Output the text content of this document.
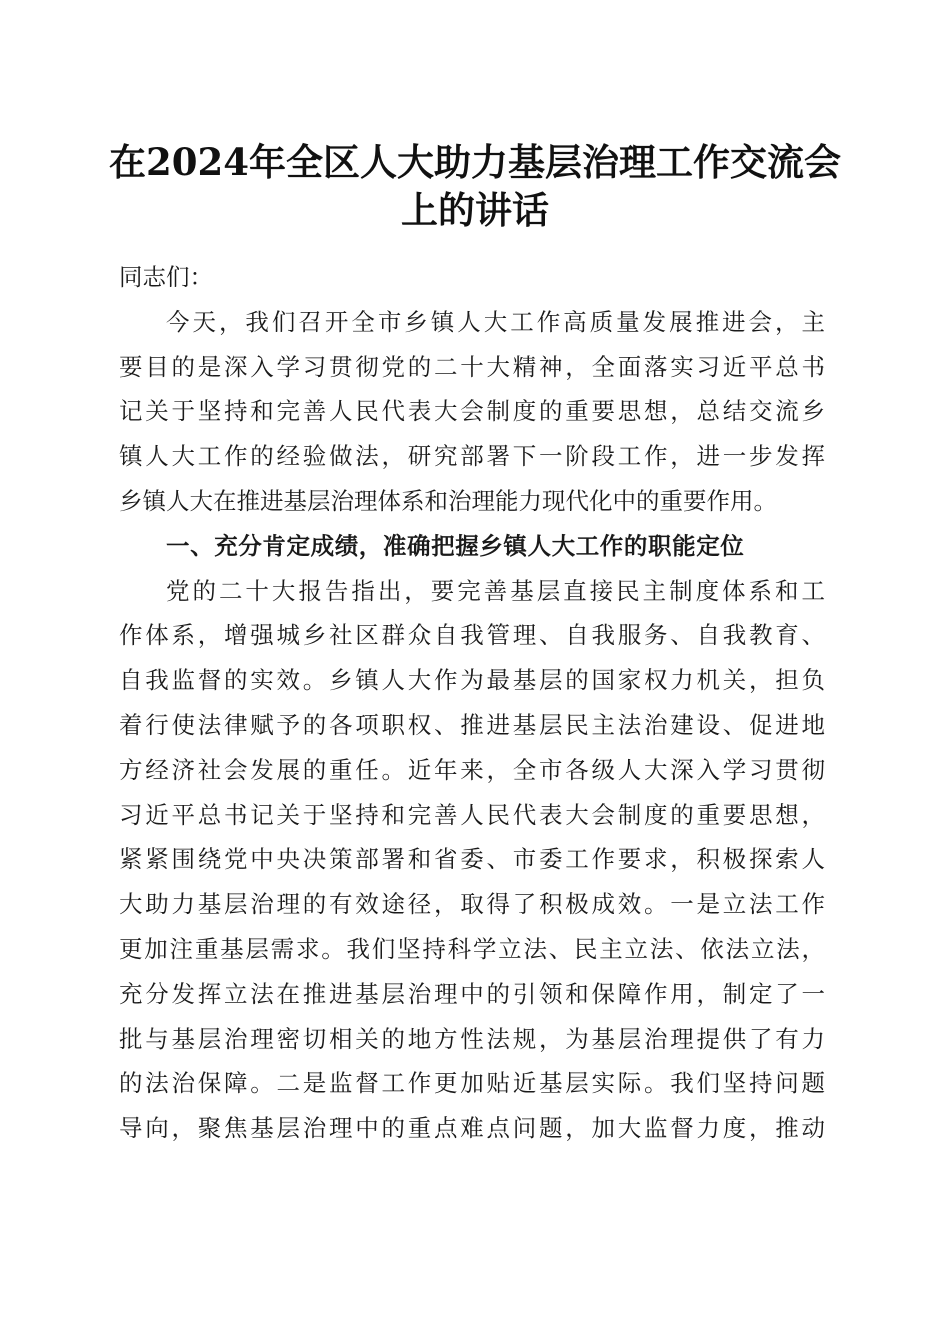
在2024年全区人大助力基层治理工作交流会
上的讲话
同志们：
今天，我们召开全市乡镇人大工作高质量发展推进会，主
要目的是深入学习贯彻党的二十大精神，全面落实习近平总书
记关于坚持和完善人民代表大会制度的重要思想，总结交流乡
镇人大工作的经验做法，研究部署下一阶段工作，进一步发挥
乡镇人大在推进基层治理体系和治理能力现代化中的重要作用。
一、充分肯定成绩，准确把握乡镇人大工作的职能定位
党的二十大报告指出，要完善基层直接民主制度体系和工
作体系，增强城乡社区群众自我管理、自我服务、自我教育、
自我监督的实效。乡镇人大作为最基层的国家权力机关，担负
着行使法律赋予的各项职权、推进基层民主法治建设、促进地
方经济社会发展的重任。近年来，全市各级人大深入学习贯彻
习近平总书记关于坚持和完善人民代表大会制度的重要思想，
紧紧围绕党中央决策部署和省委、市委工作要求，积极探索人
大助力基层治理的有效途径，取得了积极成效。一是立法工作
更加注重基层需求。我们坚持科学立法、民主立法、依法立法，
充分发挥立法在推进基层治理中的引领和保障作用，制定了一
批与基层治理密切相关的地方性法规，为基层治理提供了有力
的法治保障。二是监督工作更加贴近基层实际。我们坚持问题
导向，聚焦基层治理中的重点难点问题，加大监督力度，推动
